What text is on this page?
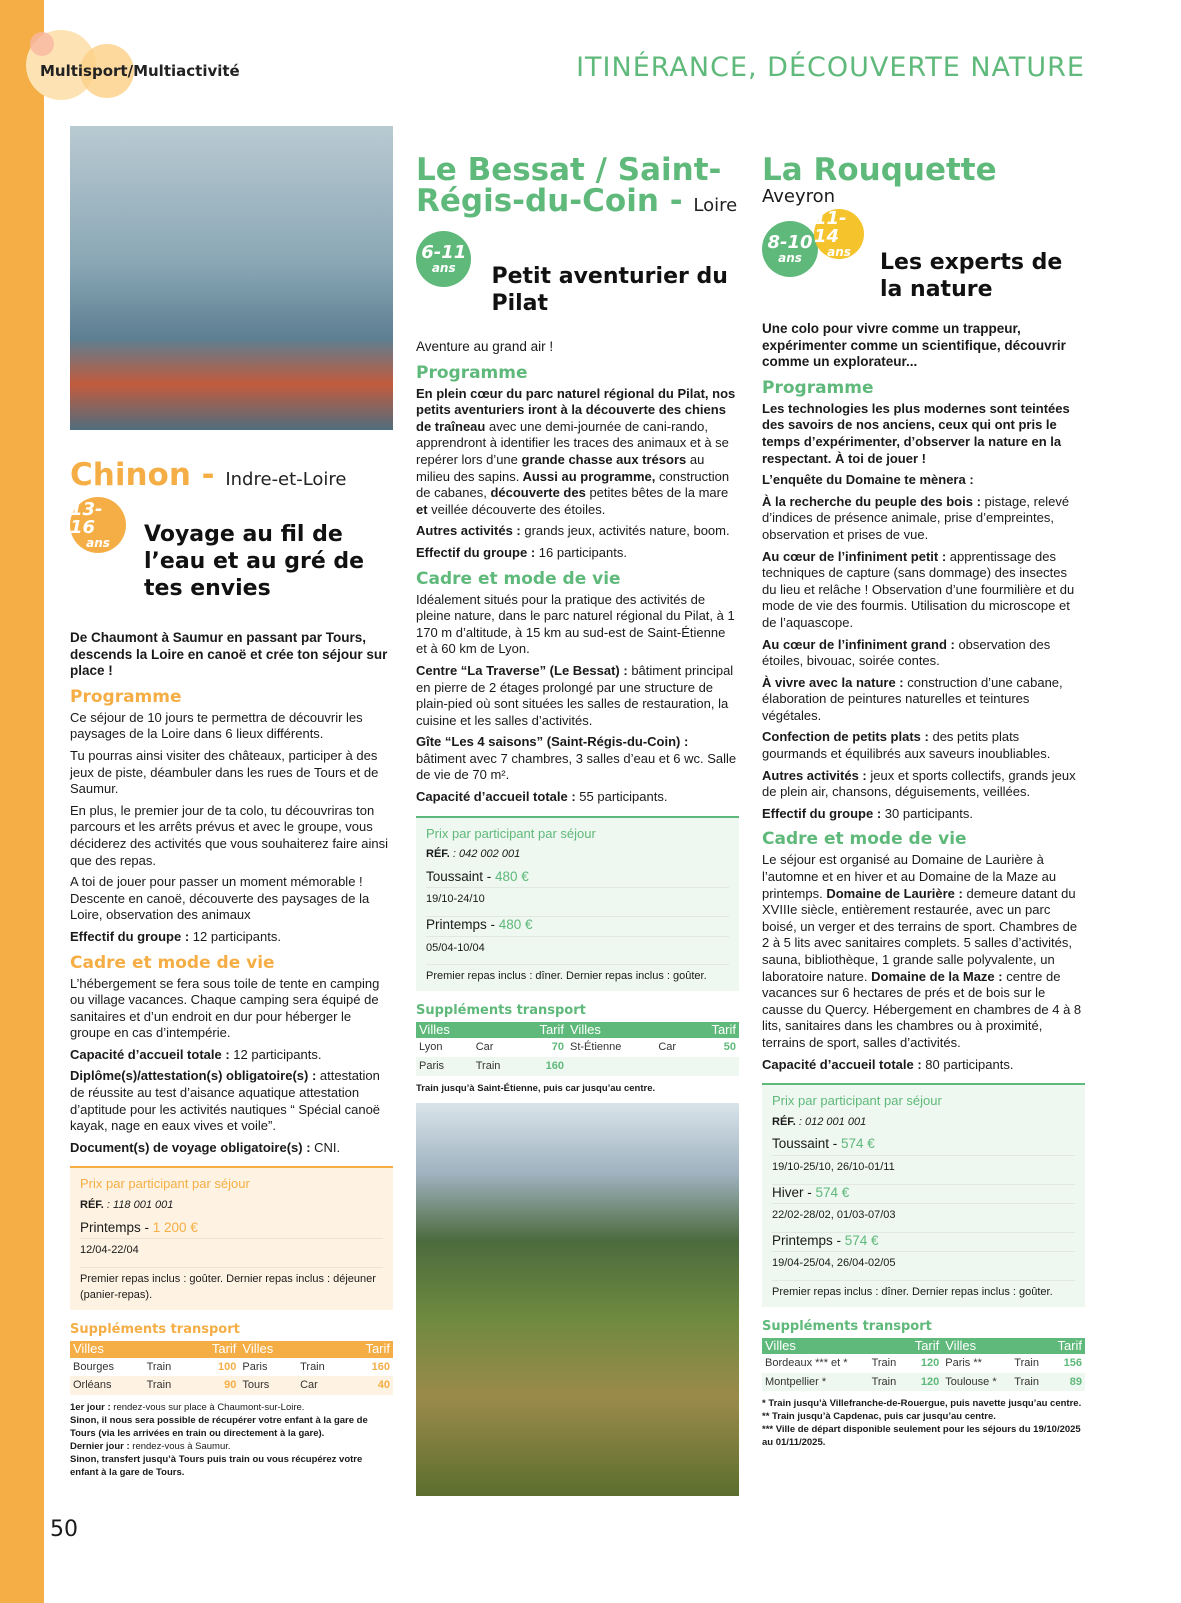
Multisport/Multiactivité	ITINÉRANCE, DÉCOUVERTE NATURE
Chinon - Indre-et-Loire
13-16
ans Voyage au fil de l’eau et au gré de tes envies
De Chaumont à Saumur en passant par Tours, descends la Loire en canoë et crée ton séjour sur place !
Programme

Ce séjour de 10 jours te permettra de découvrir les paysages de la Loire dans 6 lieux différents.

Tu pourras ainsi visiter des châteaux, participer à des jeux de piste, déambuler dans les rues de Tours et de Saumur.

En plus, le premier jour de ta colo, tu découvriras ton parcours et les arrêts prévus et avec le groupe, vous déciderez des activités que vous souhaiterez faire ainsi que des repas.

A toi de jouer pour passer un moment mémorable ! Descente en canoë, découverte des paysages de la Loire, observation des animaux

Effectif du groupe : 12 participants.

Cadre et mode de vie

L’hébergement se fera sous toile de tente en camping ou village vacances. Chaque camping sera équipé de sanitaires et d’un endroit en dur pour héberger le groupe en cas d’intempérie.

Capacité d’accueil totale : 12 participants.

Diplôme(s)/attestation(s) obligatoire(s) : attestation de réussite au test d’aisance aquatique attestation d’aptitude pour les activités nautiques “ Spécial canoë kayak, nage en eaux vives et voile”.

Document(s) de voyage obligatoire(s) : CNI.

Prix par participant par séjour
RÉF. : 118 001 001
Printemps - 1 200 €
12/04-22/04
Premier repas inclus : goûter. Dernier repas inclus : déjeuner (panier-repas).
Suppléments transport
Villes		Tarif	Villes		Tarif
Bourges	Train	100	Paris	Train	160
Orléans	Train	90	Tours	Car	40
1er jour : rendez-vous sur place à Chaumont-sur-Loire.
Sinon, il nous sera possible de récupérer votre enfant à la gare de Tours (via les arrivées en train ou directement à la gare).
Dernier jour : rendez-vous à Saumur.
Sinon, transfert jusqu’à Tours puis train ou vous récupérez votre enfant à la gare de Tours.
Le Bessat / Saint-Régis-du-Coin - Loire
6-11
ans Petit aventurier du Pilat
Aventure au grand air !
Programme

En plein cœur du parc naturel régional du Pilat, nos petits aventuriers iront à la découverte des chiens de traîneau avec une demi-journée de cani-rando, apprendront à identifier les traces des animaux et à se repérer lors d’une grande chasse aux trésors au milieu des sapins. Aussi au programme, construction de cabanes, découverte des petites bêtes de la mare et veillée découverte des étoiles.

Autres activités : grands jeux, activités nature, boom.

Effectif du groupe : 16 participants.

Cadre et mode de vie

Idéalement situés pour la pratique des activités de pleine nature, dans le parc naturel régional du Pilat, à 1 170 m d’altitude, à 15 km au sud-est de Saint-Étienne et à 60 km de Lyon.

Centre “La Traverse” (Le Bessat) : bâtiment principal en pierre de 2 étages prolongé par une structure de plain-pied où sont situées les salles de restauration, la cuisine et les salles d’activités.

Gîte “Les 4 saisons” (Saint-Régis-du-Coin) : bâtiment avec 7 chambres, 3 salles d’eau et 6 wc. Salle de vie de 70 m².

Capacité d’accueil totale : 55 participants.

Prix par participant par séjour
RÉF. : 042 002 001
Toussaint - 480 €
19/10-24/10
Printemps - 480 €
05/04-10/04
Premier repas inclus : dîner. Dernier repas inclus : goûter.
Suppléments transport
Villes		Tarif	Villes		Tarif
Lyon	Car	70	St-Étienne	Car	50
Paris	Train	160			
Train jusqu’à Saint-Étienne, puis car jusqu’au centre.
La Rouquette
Aveyron
8-10
ans
11-14
ans Les experts de la nature
Une colo pour vivre comme un trappeur, expérimenter comme un scientifique, découvrir comme un explorateur...
Programme

Les technologies les plus modernes sont teintées des savoirs de nos anciens, ceux qui ont pris le temps d’expérimenter, d’observer la nature en la respectant. À toi de jouer !

L’enquête du Domaine te mènera :

À la recherche du peuple des bois : pistage, relevé d’indices de présence animale, prise d’empreintes, observation et prises de vue.

Au cœur de l’infiniment petit : apprentissage des techniques de capture (sans dommage) des insectes du lieu et relâche ! Observation d’une fourmilière et du mode de vie des fourmis. Utilisation du microscope et de l’aquascope.

Au cœur de l’infiniment grand : observation des étoiles, bivouac, soirée contes.

À vivre avec la nature : construction d’une cabane, élaboration de peintures naturelles et teintures végétales.

Confection de petits plats : des petits plats gourmands et équilibrés aux saveurs inoubliables.

Autres activités : jeux et sports collectifs, grands jeux de plein air, chansons, déguisements, veillées.

Effectif du groupe : 30 participants.

Cadre et mode de vie

Le séjour est organisé au Domaine de Laurière à l’automne et en hiver et au Domaine de la Maze au printemps. Domaine de Laurière : demeure datant du XVIIIe siècle, entièrement restaurée, avec un parc boisé, un verger et des terrains de sport. Chambres de 2 à 5 lits avec sanitaires complets. 5 salles d’activités, sauna, bibliothèque, 1 grande salle polyvalente, un laboratoire nature. Domaine de la Maze : centre de vacances sur 6 hectares de prés et de bois sur le causse du Quercy. Hébergement en chambres de 4 à 8 lits, sanitaires dans les chambres ou à proximité, terrains de sport, salles d’activités.

Capacité d’accueil totale : 80 participants.

Prix par participant par séjour
RÉF. : 012 001 001
Toussaint - 574 €
19/10-25/10, 26/10-01/11
Hiver - 574 €
22/02-28/02, 01/03-07/03
Printemps - 574 €
19/04-25/04, 26/04-02/05
Premier repas inclus : dîner. Dernier repas inclus : goûter.
Suppléments transport
Villes		Tarif	Villes		Tarif
Bordeaux *** et *	Train	120	Paris **	Train	156
Montpellier *	Train	120	Toulouse *	Train	89
* Train jusqu’à Villefranche-de-Rouergue, puis navette jusqu’au centre.
** Train jusqu’à Capdenac, puis car jusqu’au centre.
*** Ville de départ disponible seulement pour les séjours du 19/10/2025 au 01/11/2025.
50
